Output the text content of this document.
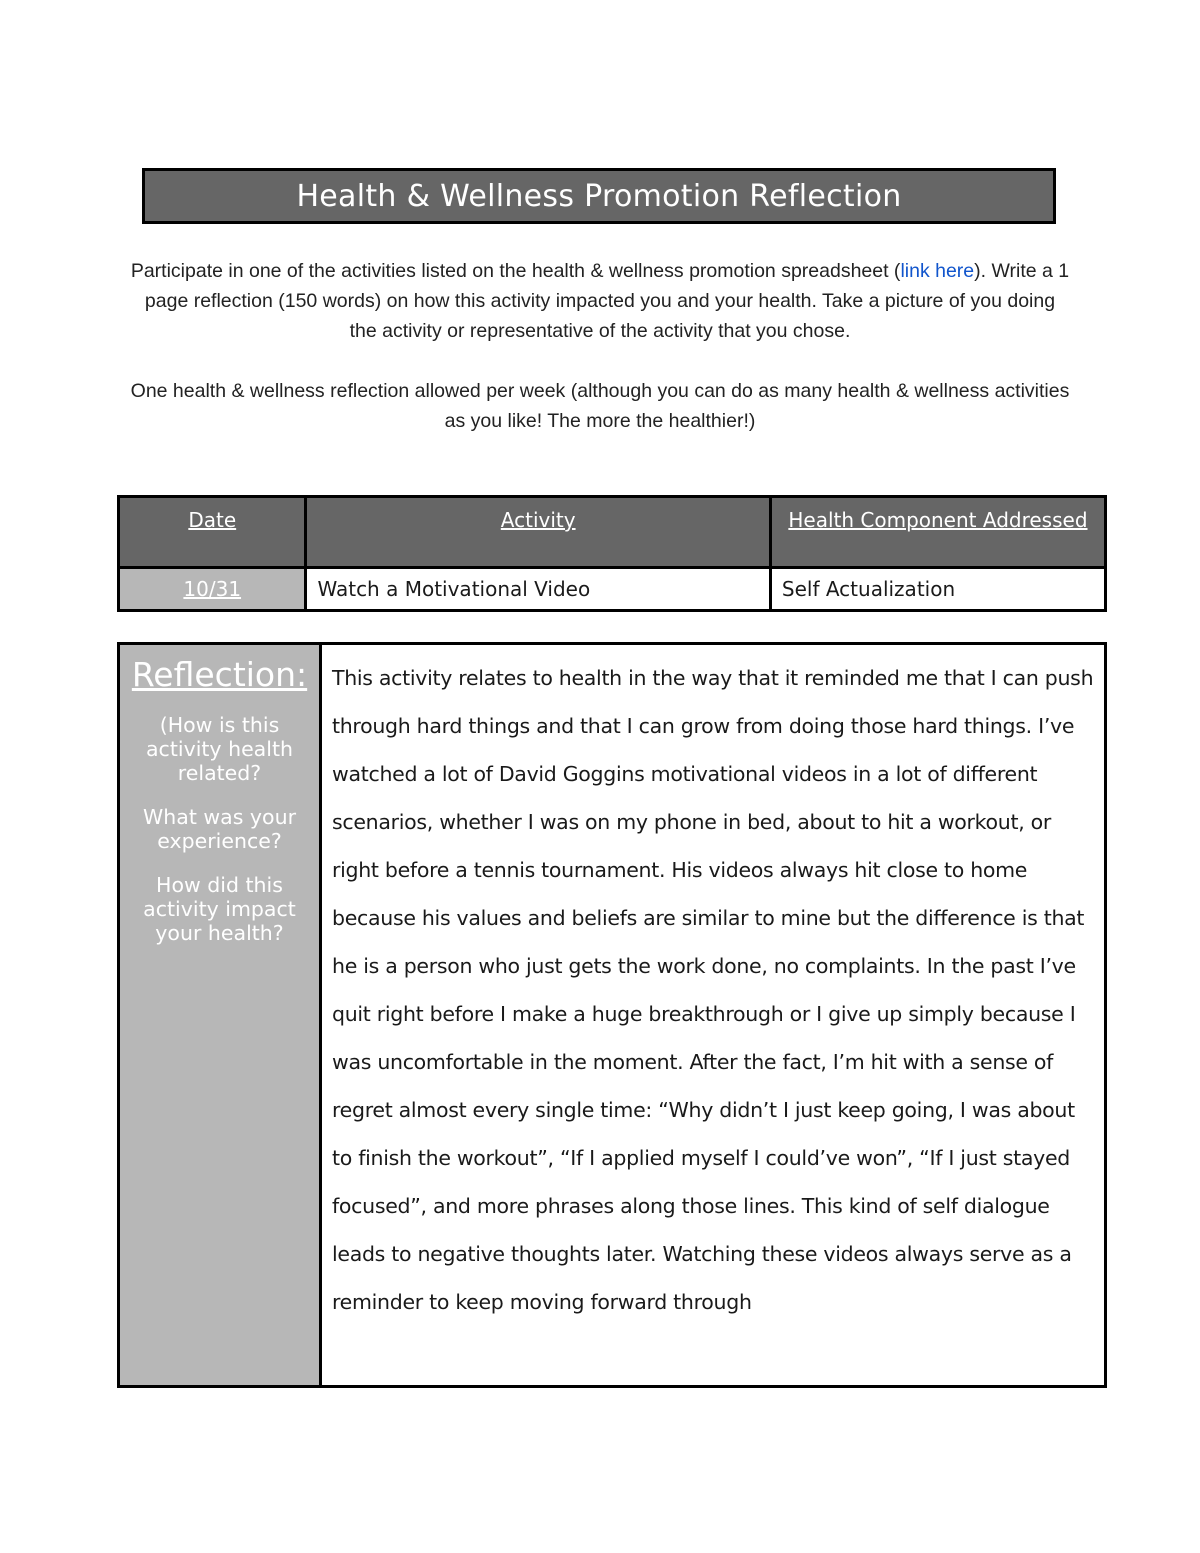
Health & Wellness Promotion Reflection

Participate in one of the activities listed on the health & wellness promotion spreadsheet (link here). Write a 1 page reflection (150 words) on how this activity impacted you and your health. Take a picture of you doing the activity or representative of the activity that you chose.

One health & wellness reflection allowed per week (although you can do as many health & wellness activities as you like! The more the healthier!)

Date	Activity	Health Component Addressed
10/31	Watch a Motivational Video	Self Actualization
Reflection:
(How is this activity health related?
What was your experience?
How did this activity impact your health?

This activity relates to health in the way that it reminded me that I can push through hard things and that I can grow from doing those hard things. I’ve watched a lot of David Goggins motivational videos in a lot of different scenarios, whether I was on my phone in bed, about to hit a workout, or right before a tennis tournament. His videos always hit close to home because his values and beliefs are similar to mine but the difference is that he is a person who just gets the work done, no complaints. In the past I’ve quit right before I make a huge breakthrough or I give up simply because I was uncomfortable in the moment. After the fact, I’m hit with a sense of regret almost every single time: “Why didn’t I just keep going, I was about to finish the workout”, “If I applied myself I could’ve won”, “If I just stayed focused”, and more phrases along those lines. This kind of self dialogue leads to negative thoughts later. Watching these videos always serve as a reminder to keep moving forward through
